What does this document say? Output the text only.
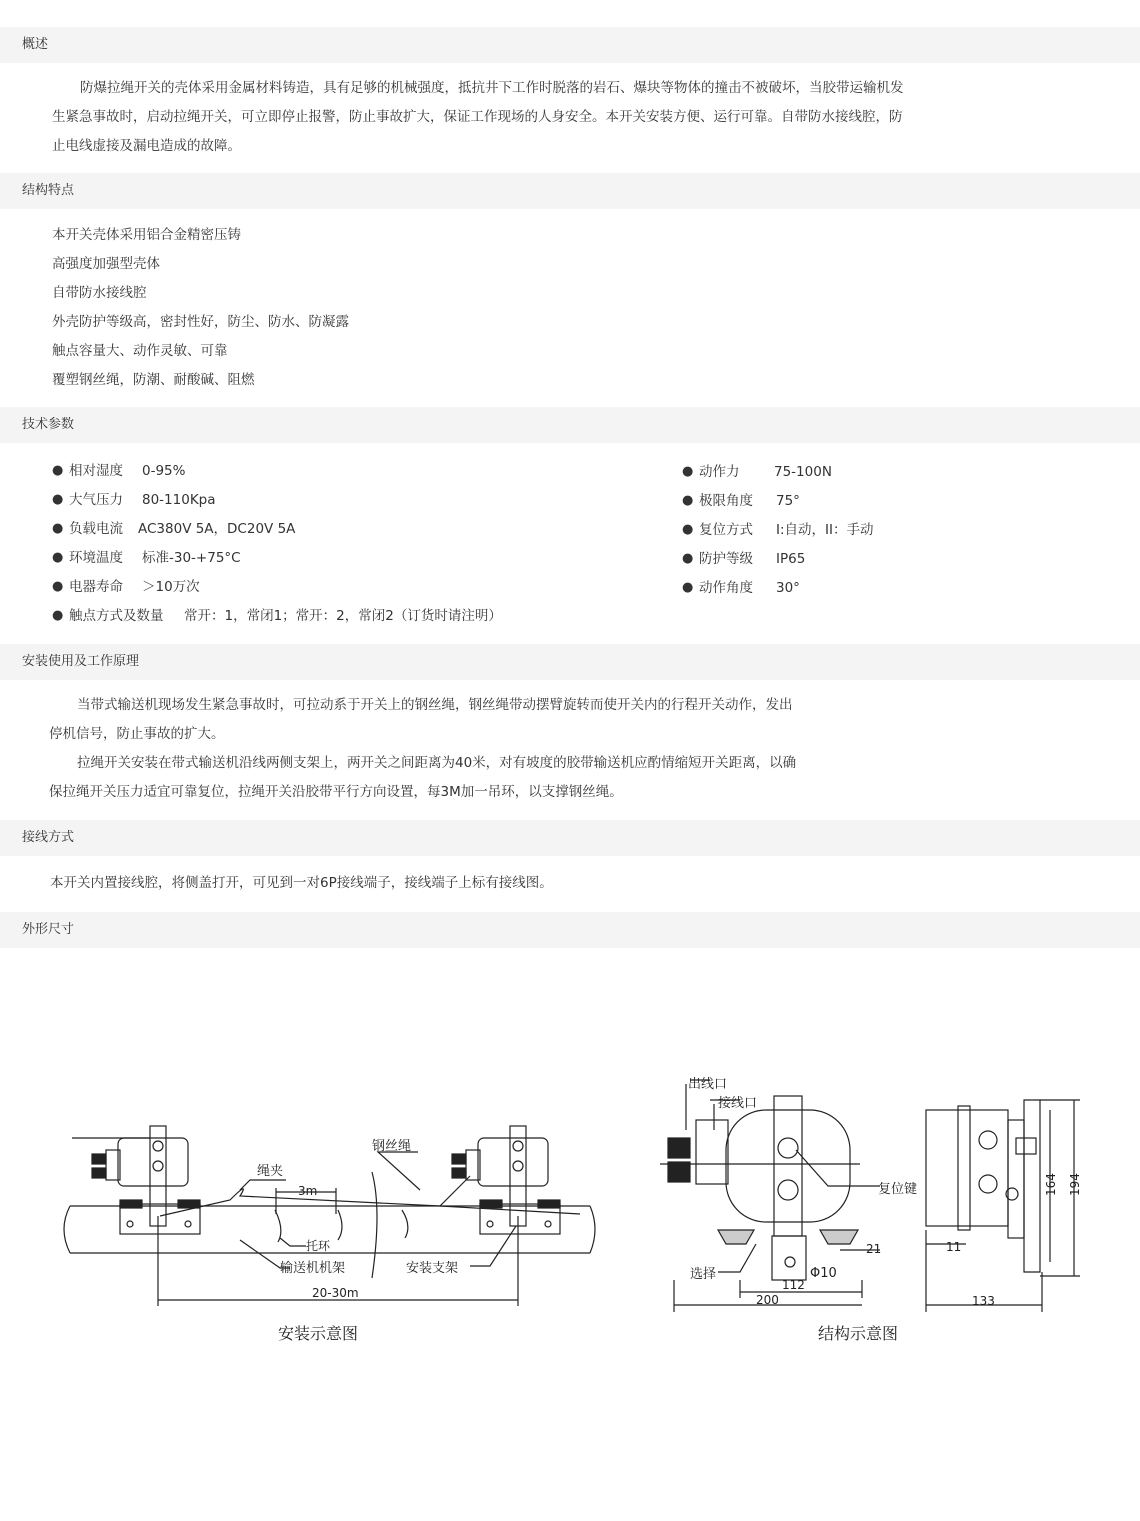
概述
防爆拉绳开关的壳体采用金属材料铸造，具有足够的机械强度，抵抗井下工作时脱落的岩石、爆块等物体的撞击不被破坏，当胶带运输机发
生紧急事故时，启动拉绳开关，可立即停止报警，防止事故扩大，保证工作现场的人身安全。本开关安装方便、运行可靠。自带防水接线腔，防
止电线虚接及漏电造成的故障。
结构特点
本开关壳体采用铝合金精密压铸
高强度加强型壳体
自带防水接线腔
外壳防护等级高，密封性好，防尘、防水、防凝露
触点容量大、动作灵敏、可靠
覆塑钢丝绳，防潮、耐酸碱、阻燃
技术参数
● 相对湿度 0-95%
● 大气压力 80-110Kpa
● 负载电流 AC380V 5A，DC20V 5A
● 环境温度 标准-30-+75°C
● 电器寿命 ＞10万次
● 触点方式及数量 常开：1，常闭1；常开：2，常闭2（订货时请注明）
● 动作力	75-100N
● 极限角度 75°
● 复位方式 I:自动，II：手动
● 防护等级 IP65
● 动作角度 30°
安装使用及工作原理
当带式输送机现场发生紧急事故时，可拉动系于开关上的钢丝绳，钢丝绳带动摆臂旋转而使开关内的行程开关动作，发出
停机信号，防止事故的扩大。
拉绳开关安装在带式输送机沿线两侧支架上，两开关之间距离为40米，对有坡度的胶带输送机应酌情缩短开关距离，以确
保拉绳开关压力适宜可靠复位，拉绳开关沿胶带平行方向设置，每3M加一吊环，以支撑钢丝绳。
接线方式
本开关内置接线腔，将侧盖打开，可见到一对6P接线端子，接线端子上标有接线图。
外形尺寸
钢丝绳
绳夹
3m
托环
输送机机架	安装支架
20-30m
安装示意图
出线口
接线口
复位键
选择
112
Φ10
21
200
11
133
164 194
结构示意图
